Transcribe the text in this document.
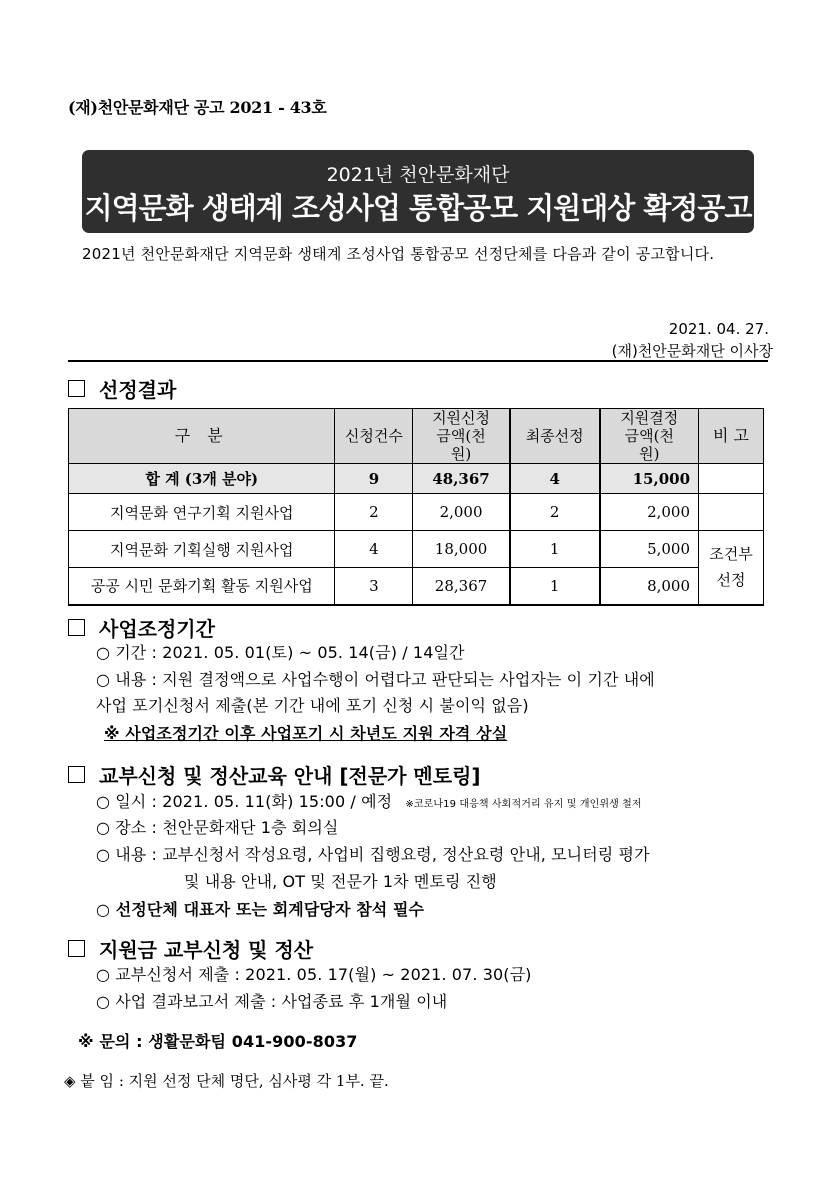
(재)천안문화재단 공고 2021 - 43호
2021년 천안문화재단
지역문화 생태계 조성사업 통합공모 지원대상 확정공고
2021년 천안문화재단 지역문화 생태계 조성사업 통합공모 선정단체를 다음과 같이 공고합니다.
2021. 04. 27.
(재)천안문화재단 이사장
선정결과
구 분	신청건수	지원신청 금액(천원)	최종선정	지원결정 금액(천원)	비 고
합 계 (3개 분야)	9	48,367	4	15,000	
지역문화 연구기획 지원사업	2	2,000	2	2,000	
지역문화 기획실행 지원사업	4	18,000	1	5,000	조건부 선정
공공 시민 문화기획 활동 지원사업	3	28,367	1	8,000	
사업조정기간
○ 기간 : 2021. 05. 01(토) ~ 05. 14(금) / 14일간
○ 내용 : 지원 결정액으로 사업수행이 어렵다고 판단되는 사업자는 이 기간 내에
사업 포기신청서 제출(본 기간 내에 포기 신청 시 불이익 없음)
※ 사업조정기간 이후 사업포기 시 차년도 지원 자격 상실
교부신청 및 정산교육 안내 [전문가 멘토링]
○ 일시 : 2021. 05. 11(화) 15:00 / 예정 ※코로나19 대응책 사회적거리 유지 및 개인위생 철저
○ 장소 : 천안문화재단 1층 회의실
○ 내용 : 교부신청서 작성요령, 사업비 집행요령, 정산요령 안내, 모니터링 평가
및 내용 안내, OT 및 전문가 1차 멘토링 진행
○ 선정단체 대표자 또는 회계담당자 참석 필수
지원금 교부신청 및 정산
○ 교부신청서 제출 : 2021. 05. 17(월) ~ 2021. 07. 30(금)
○ 사업 결과보고서 제출 : 사업종료 후 1개월 이내
※ 문의 : 생활문화팀 041-900-8037
◈ 붙 임 : 지원 선정 단체 명단, 심사평 각 1부. 끝.
